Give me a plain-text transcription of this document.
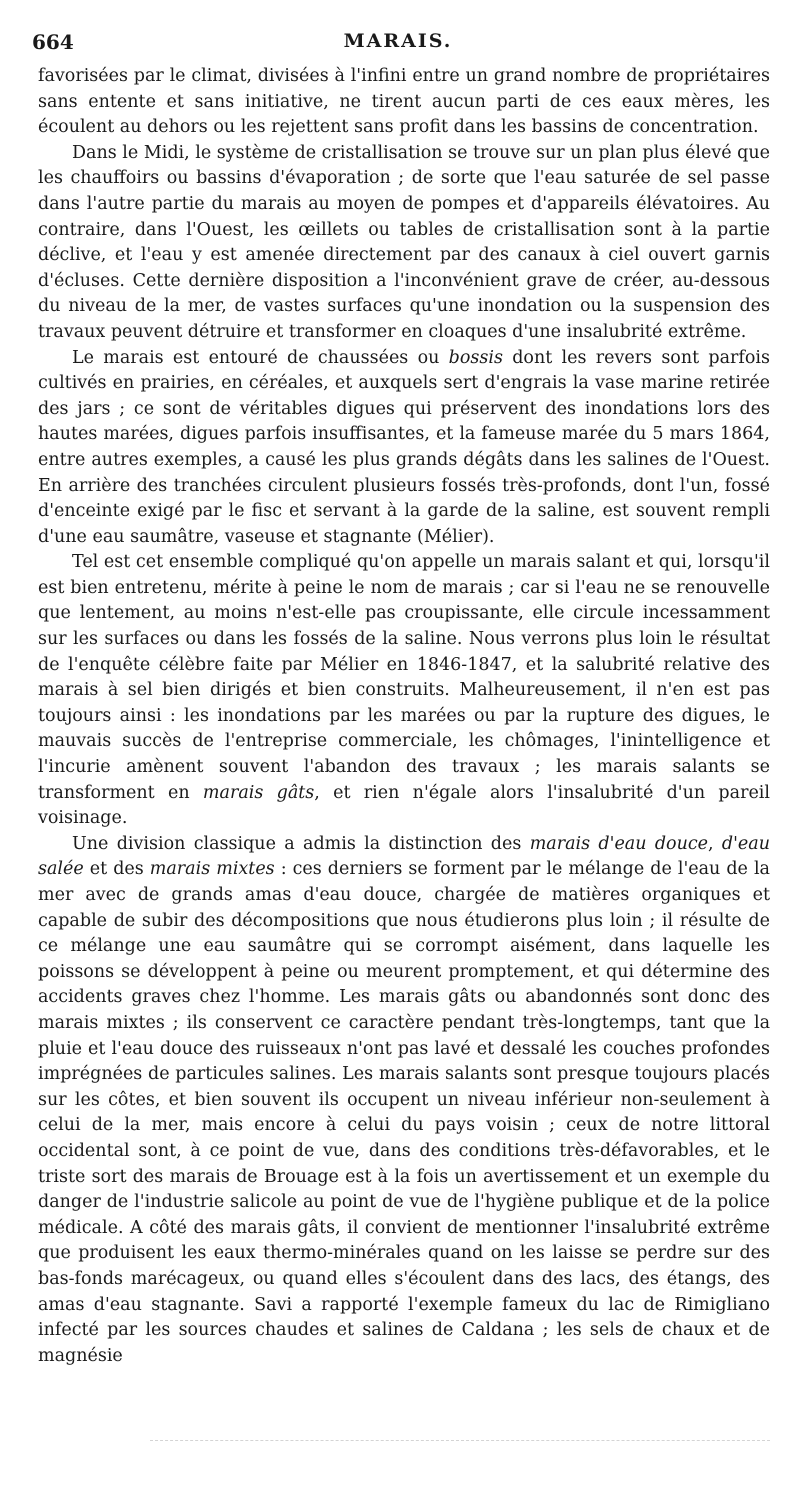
664	MARAIS.

favorisées par le climat, divisées à l'infini entre un grand nombre de propriétaires sans entente et sans initiative, ne tirent aucun parti de ces eaux mères, les écoulent au dehors ou les rejettent sans profit dans les bassins de concentration.

Dans le Midi, le système de cristallisation se trouve sur un plan plus élevé que les chauffoirs ou bassins d'évaporation ; de sorte que l'eau saturée de sel passe dans l'autre partie du marais au moyen de pompes et d'appareils élévatoires. Au contraire, dans l'Ouest, les œillets ou tables de cristallisation sont à la partie déclive, et l'eau y est amenée directement par des canaux à ciel ouvert garnis d'écluses. Cette dernière disposition a l'inconvénient grave de créer, au-dessous du niveau de la mer, de vastes surfaces qu'une inondation ou la suspension des travaux peuvent détruire et transformer en cloaques d'une insalubrité extrême.

Le marais est entouré de chaussées ou bossis dont les revers sont parfois cultivés en prairies, en céréales, et auxquels sert d'engrais la vase marine retirée des jars ; ce sont de véritables digues qui préservent des inondations lors des hautes marées, digues parfois insuffisantes, et la fameuse marée du 5 mars 1864, entre autres exemples, a causé les plus grands dégâts dans les salines de l'Ouest. En arrière des tranchées circulent plusieurs fossés très-profonds, dont l'un, fossé d'enceinte exigé par le fisc et servant à la garde de la saline, est souvent rempli d'une eau saumâtre, vaseuse et stagnante (Mélier).

Tel est cet ensemble compliqué qu'on appelle un marais salant et qui, lorsqu'il est bien entretenu, mérite à peine le nom de marais ; car si l'eau ne se renouvelle que lentement, au moins n'est-elle pas croupissante, elle circule incessamment sur les surfaces ou dans les fossés de la saline. Nous verrons plus loin le résultat de l'enquête célèbre faite par Mélier en 1846-1847, et la salubrité relative des marais à sel bien dirigés et bien construits. Malheureusement, il n'en est pas toujours ainsi : les inondations par les marées ou par la rupture des digues, le mauvais succès de l'entreprise commerciale, les chômages, l'inintelligence et l'incurie amènent souvent l'abandon des travaux ; les marais salants se transforment en marais gâts, et rien n'égale alors l'insalubrité d'un pareil voisinage.

Une division classique a admis la distinction des marais d'eau douce, d'eau salée et des marais mixtes : ces derniers se forment par le mélange de l'eau de la mer avec de grands amas d'eau douce, chargée de matières organiques et capable de subir des décompositions que nous étudierons plus loin ; il résulte de ce mélange une eau saumâtre qui se corrompt aisément, dans laquelle les poissons se développent à peine ou meurent promptement, et qui détermine des accidents graves chez l'homme. Les marais gâts ou abandonnés sont donc des marais mixtes ; ils conservent ce caractère pendant très-longtemps, tant que la pluie et l'eau douce des ruisseaux n'ont pas lavé et dessalé les couches profondes imprégnées de particules salines. Les marais salants sont presque toujours placés sur les côtes, et bien souvent ils occupent un niveau inférieur non-seulement à celui de la mer, mais encore à celui du pays voisin ; ceux de notre littoral occidental sont, à ce point de vue, dans des conditions très-défavorables, et le triste sort des marais de Brouage est à la fois un avertissement et un exemple du danger de l'industrie salicole au point de vue de l'hygiène publique et de la police médicale. A côté des marais gâts, il convient de mentionner l'insalubrité extrême que produisent les eaux thermo-minérales quand on les laisse se perdre sur des bas-fonds marécageux, ou quand elles s'écoulent dans des lacs, des étangs, des amas d'eau stagnante. Savi a rapporté l'exemple fameux du lac de Rimigliano infecté par les sources chaudes et salines de Caldana ; les sels de chaux et de magnésie
